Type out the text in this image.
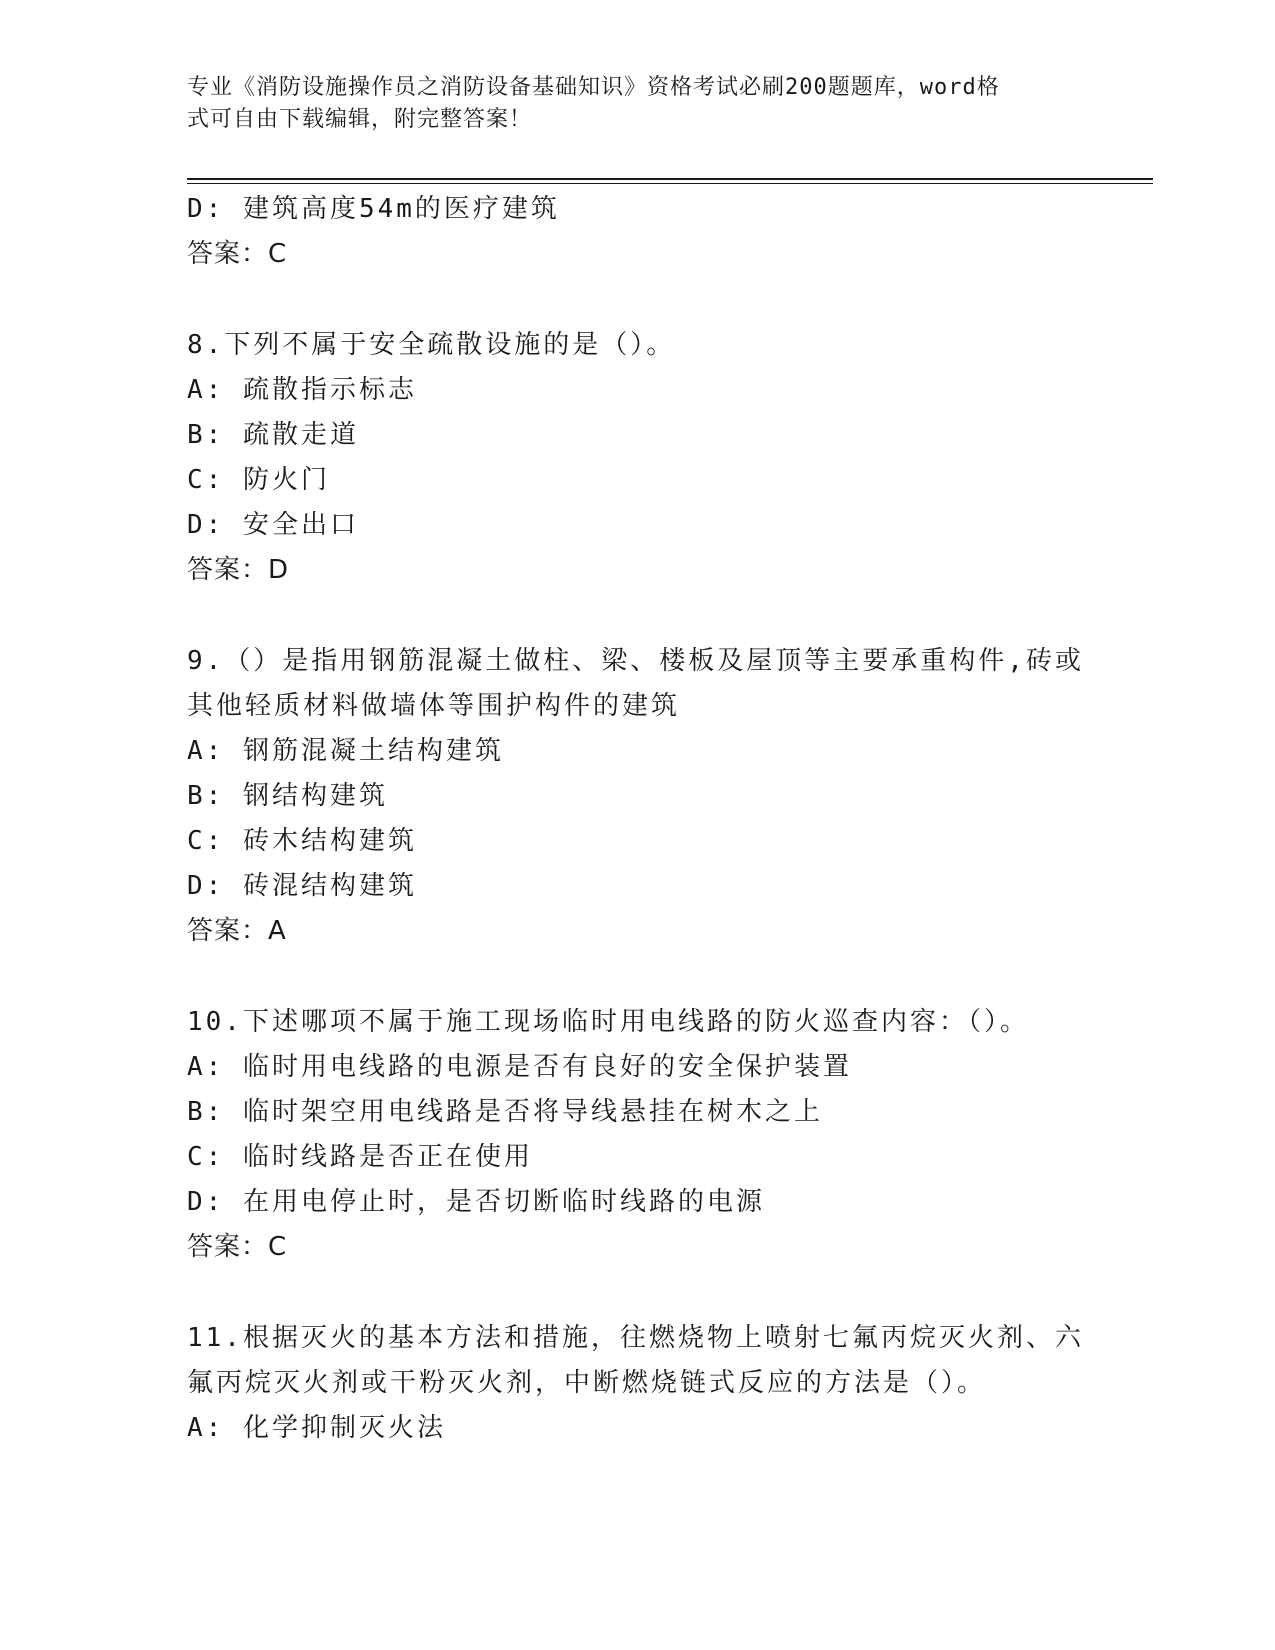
专业《消防设施操作员之消防设备基础知识》资格考试必刷200题题库，word格
式可自由下载编辑，附完整答案！
D: 建筑高度54m的医疗建筑
答案：C
8.下列不属于安全疏散设施的是（）。
A: 疏散指示标志
B: 疏散走道
C: 防火门
D: 安全出口
答案：D
9.（）是指用钢筋混凝土做柱、梁、楼板及屋顶等主要承重构件,砖或
其他轻质材料做墙体等围护构件的建筑
A: 钢筋混凝土结构建筑
B: 钢结构建筑
C: 砖木结构建筑
D: 砖混结构建筑
答案：A
10.下述哪项不属于施工现场临时用电线路的防火巡查内容：（）。
A: 临时用电线路的电源是否有良好的安全保护装置
B: 临时架空用电线路是否将导线悬挂在树木之上
C: 临时线路是否正在使用
D: 在用电停止时，是否切断临时线路的电源
答案：C
11.根据灭火的基本方法和措施，往燃烧物上喷射七氟丙烷灭火剂、六
氟丙烷灭火剂或干粉灭火剂，中断燃烧链式反应的方法是（）。
A: 化学抑制灭火法
